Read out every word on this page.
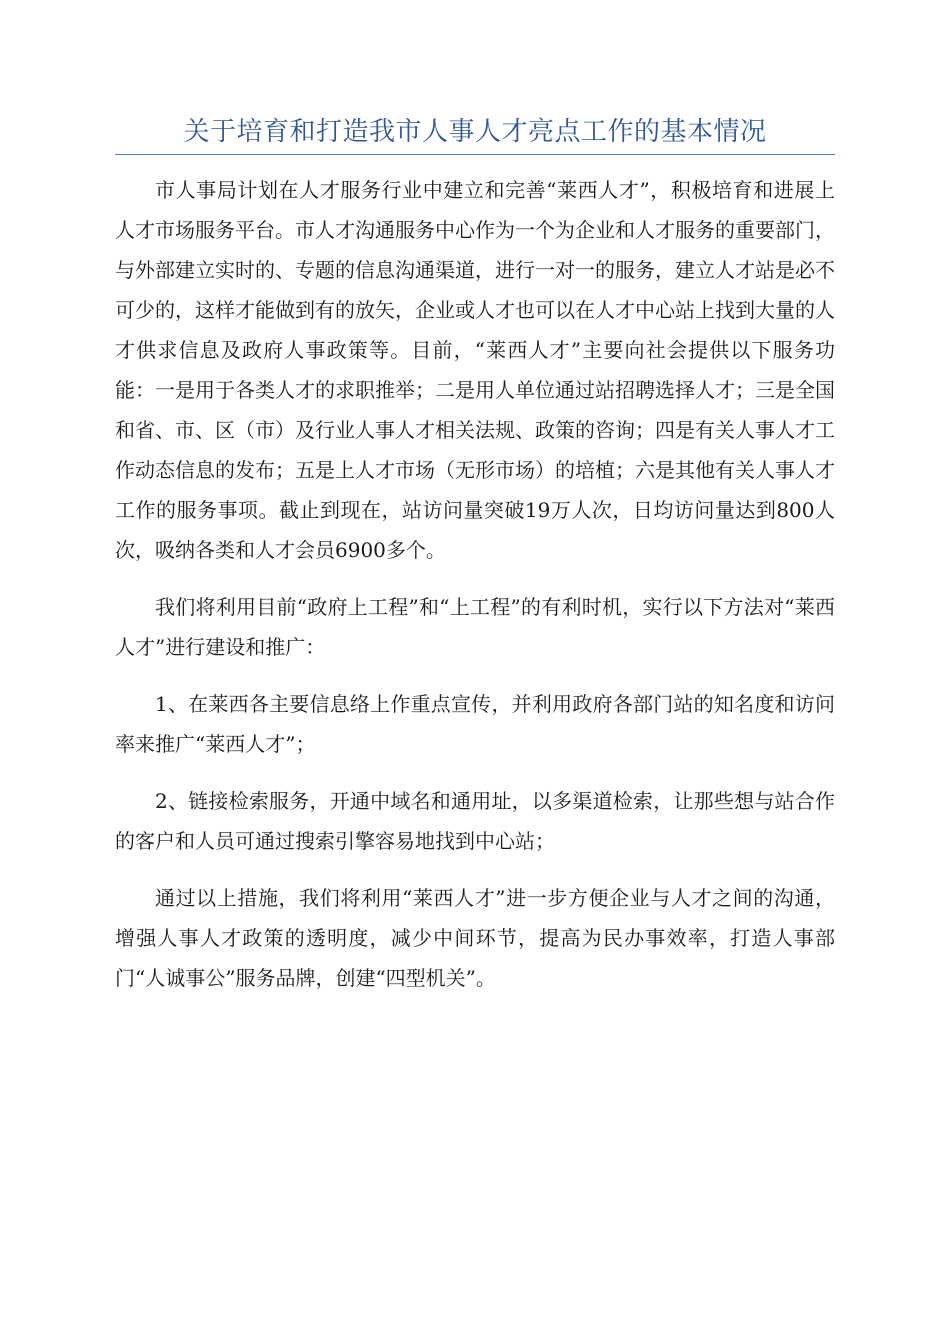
关于培育和打造我市人事人才亮点工作的基本情况

市人事局计划在人才服务行业中建立和完善“莱西人才”，积极培育和进展上人才市场服务平台。市人才沟通服务中心作为一个为企业和人才服务的重要部门，与外部建立实时的、专题的信息沟通渠道，进行一对一的服务，建立人才站是必不可少的，这样才能做到有的放矢，企业或人才也可以在人才中心站上找到大量的人才供求信息及政府人事政策等。目前，“莱西人才”主要向社会提供以下服务功能：一是用于各类人才的求职推举；二是用人单位通过站招聘选择人才；三是全国和省、市、区（市）及行业人事人才相关法规、政策的咨询；四是有关人事人才工作动态信息的发布；五是上人才市场（无形市场）的培植；六是其他有关人事人才工作的服务事项。截止到现在，站访问量突破19万人次，日均访问量达到800人次，吸纳各类和人才会员6900多个。

我们将利用目前“政府上工程”和“上工程”的有利时机，实行以下方法对“莱西人才”进行建设和推广：

1、在莱西各主要信息络上作重点宣传，并利用政府各部门站的知名度和访问率来推广“莱西人才”；

2、链接检索服务，开通中域名和通用址，以多渠道检索，让那些想与站合作的客户和人员可通过搜索引擎容易地找到中心站；

通过以上措施，我们将利用“莱西人才”进一步方便企业与人才之间的沟通，增强人事人才政策的透明度，减少中间环节，提高为民办事效率，打造人事部门“人诚事公”服务品牌，创建“四型机关”。
